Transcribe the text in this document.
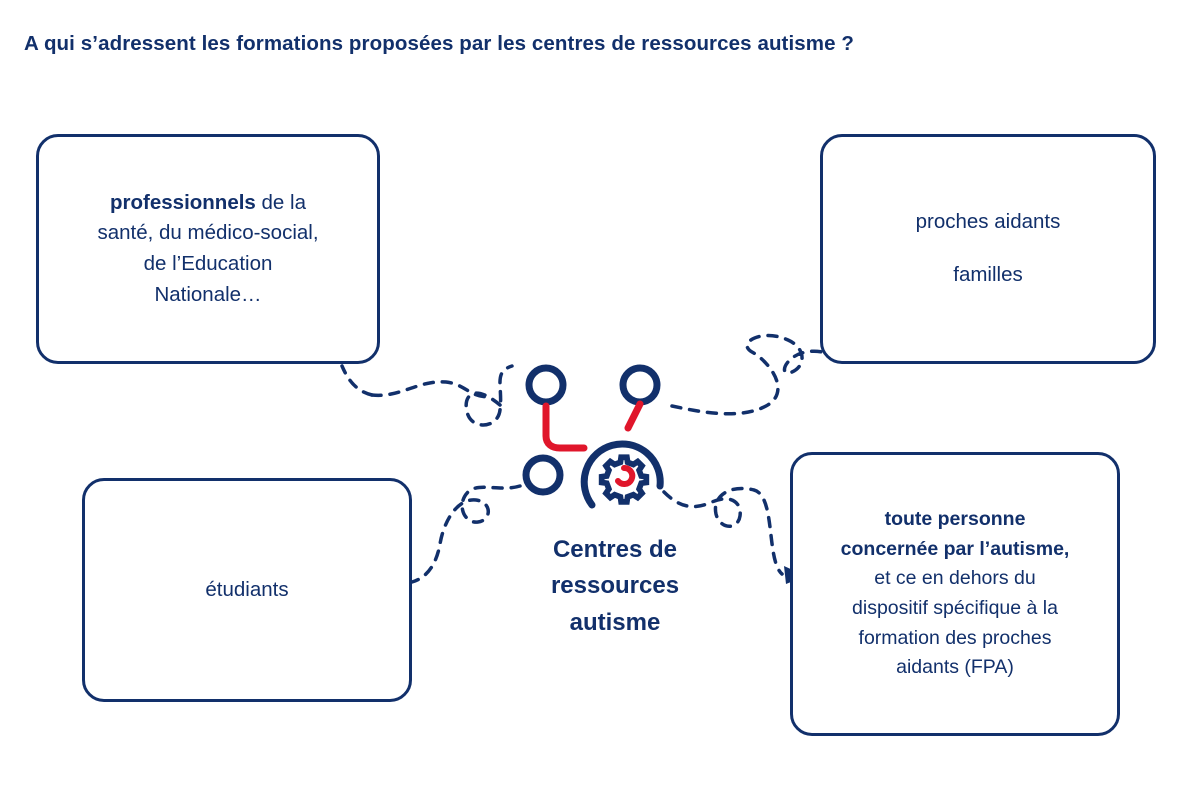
A qui s’adressent les formations proposées par les centres de ressources autisme ?
professionnels de la
santé, du médico-social,
de l’Education
Nationale…
proches aidants
familles
étudiants
toute personne
concernée par l’autisme,
et ce en dehors du
dispositif spécifique à la
formation des proches
aidants (FPA)
Centres de
ressources
autisme
